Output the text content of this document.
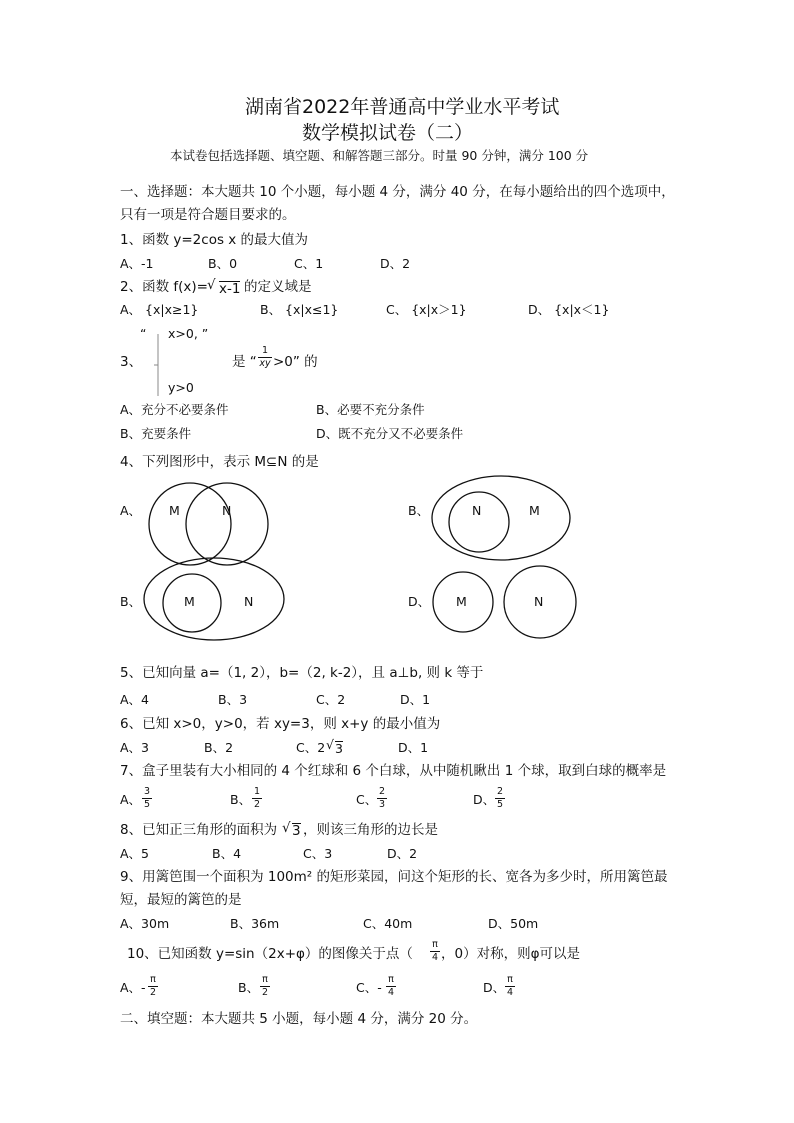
湖南省2022年普通高中学业水平考试
数学模拟试卷（二）
本试卷包括选择题、填空题、和解答题三部分。时量 90 分钟，满分 100 分
一、选择题：本大题共 10 个小题，每小题 4 分，满分 40 分，在每小题给出的四个选项中，
只有一项是符合题目要求的。
1、函数 y=2cos x 的最大值为
A、-1	B、0	C、1	D、2
2、函数 f(x)= √ x-1 的定义域是
A、 {x|x≥1}	B、 {x|x≤1}	C、 {x|x＞1}	D、 {x|x＜1}
“ x>0, ”
3、	是 “ $\frac{1}{xy} >0$” 的
y>0
A、充分不必要条件	B、必要不充分条件
B、充要条件	D、既不充分又不必要条件
4、下列图形中，表示 M⊆N 的是
A、 M	N	B、	N	M
B、	M	N	D、 M	N
5、已知向量 a=（1, 2），b=（2, k-2），且 a⊥b, 则 k 等于
A、4	B、3	C、2	D、1
6、已知 x>0，y>0，若 xy=3，则 x+y 的最小值为
A、3	B、2	C、2 √ 3	D、1
7、盒子里装有大小相同的 4 个红球和 6 个白球，从中随机瞅出 1 个球，取到白球的概率是
A、 $\frac{3}{5}$	B、 $\frac{1}{2}$	C、 $\frac{2}{3}$	D、 $\frac{2}{5}$
8、已知正三角形的面积为 √ 3 ，则该三角形的边长是
A、5	B、4	C、3	D、2
9、用篱笆围一个面积为 100m² 的矩形菜园，问这个矩形的长、宽各为多少时，所用篱笆最
短，最短的篱笆的是
A、30m	B、36m	C、40m	D、50m
10、已知函数 y=sin（2x+φ）的图像关于点（ $\frac{\pi}{4}$ ，0）对称，则φ可以是
A、- $\frac{\pi}{2}$	B、 $\frac{\pi}{2}$	C、- $\frac{\pi}{4}$	D、 $\frac{\pi}{4}$
二、填空题：本大题共 5 小题，每小题 4 分，满分 20 分。
